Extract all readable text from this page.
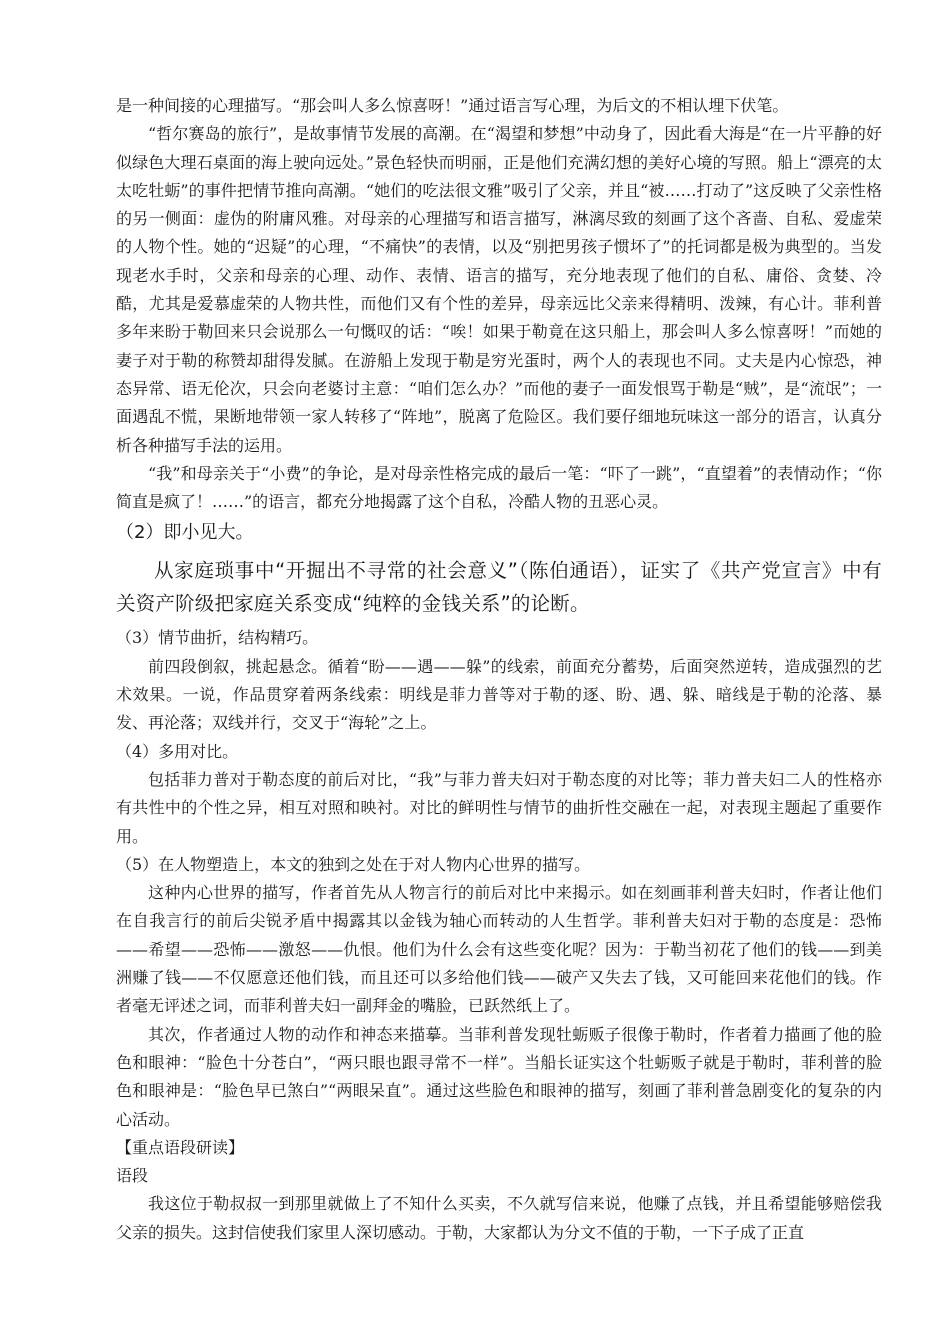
是一种间接的心理描写。“那会叫人多么惊喜呀！”通过语言写心理，为后文的不相认埋下伏笔。

“哲尔赛岛的旅行”，是故事情节发展的高潮。在“渴望和梦想”中动身了，因此看大海是“在一片平静的好似绿色大理石桌面的海上驶向远处。”景色轻快而明丽，正是他们充满幻想的美好心境的写照。船上“漂亮的太太吃牡蛎”的事件把情节推向高潮。“她们的吃法很文雅”吸引了父亲，并且“被……打动了”这反映了父亲性格的另一侧面：虚伪的附庸风雅。对母亲的心理描写和语言描写，淋漓尽致的刻画了这个吝啬、自私、爱虚荣的人物个性。她的“迟疑”的心理，“不痛快”的表情，以及“别把男孩子惯坏了”的托词都是极为典型的。当发现老水手时，父亲和母亲的心理、动作、表情、语言的描写，充分地表现了他们的自私、庸俗、贪婪、冷酷，尤其是爱慕虚荣的人物共性，而他们又有个性的差异，母亲远比父亲来得精明、泼辣，有心计。菲利普多年来盼于勒回来只会说那么一句慨叹的话：“唉！如果于勒竟在这只船上，那会叫人多么惊喜呀！”而她的妻子对于勒的称赞却甜得发腻。在游船上发现于勒是穷光蛋时，两个人的表现也不同。丈夫是内心惊恐，神态异常、语无伦次，只会向老婆讨主意：“咱们怎么办？”而他的妻子一面发恨骂于勒是“贼”，是“流氓”；一面遇乱不慌，果断地带领一家人转移了“阵地”，脱离了危险区。我们要仔细地玩味这一部分的语言，认真分析各种描写手法的运用。

“我”和母亲关于“小费”的争论，是对母亲性格完成的最后一笔：“吓了一跳”，“直望着”的表情动作；“你简直是疯了！……”的语言，都充分地揭露了这个自私，冷酷人物的丑恶心灵。

（2）即小见大。

从家庭琐事中“开掘出不寻常的社会意义”（陈伯通语），证实了《共产党宣言》中有关资产阶级把家庭关系变成“纯粹的金钱关系”的论断。

（3）情节曲折，结构精巧。

前四段倒叙，挑起悬念。循着“盼——遇——躲”的线索，前面充分蓄势，后面突然逆转，造成强烈的艺术效果。一说，作品贯穿着两条线索：明线是菲力普等对于勒的逐、盼、遇、躲、暗线是于勒的沦落、暴发、再沦落；双线并行，交叉于“海轮”之上。

（4）多用对比。

包括菲力普对于勒态度的前后对比，“我”与菲力普夫妇对于勒态度的对比等；菲力普夫妇二人的性格亦有共性中的个性之异，相互对照和映衬。对比的鲜明性与情节的曲折性交融在一起，对表现主题起了重要作用。

（5）在人物塑造上，本文的独到之处在于对人物内心世界的描写。

这种内心世界的描写，作者首先从人物言行的前后对比中来揭示。如在刻画菲利普夫妇时，作者让他们在自我言行的前后尖锐矛盾中揭露其以金钱为轴心而转动的人生哲学。菲利普夫妇对于勒的态度是：恐怖——希望——恐怖——激怒——仇恨。他们为什么会有这些变化呢？因为：于勒当初花了他们的钱——到美洲赚了钱——不仅愿意还他们钱，而且还可以多给他们钱——破产又失去了钱，又可能回来花他们的钱。作者毫无评述之词，而菲利普夫妇一副拜金的嘴脸，已跃然纸上了。

其次，作者通过人物的动作和神态来描摹。当菲利普发现牡蛎贩子很像于勒时，作者着力描画了他的脸色和眼神：“脸色十分苍白”，“两只眼也跟寻常不一样”。当船长证实这个牡蛎贩子就是于勒时，菲利普的脸色和眼神是：“脸色早已煞白”“两眼呆直”。通过这些脸色和眼神的描写，刻画了菲利普急剧变化的复杂的内心活动。

【重点语段研读】

语段

我这位于勒叔叔一到那里就做上了不知什么买卖，不久就写信来说，他赚了点钱，并且希望能够赔偿我父亲的损失。这封信使我们家里人深切感动。于勒，大家都认为分文不值的于勒，一下子成了正直
